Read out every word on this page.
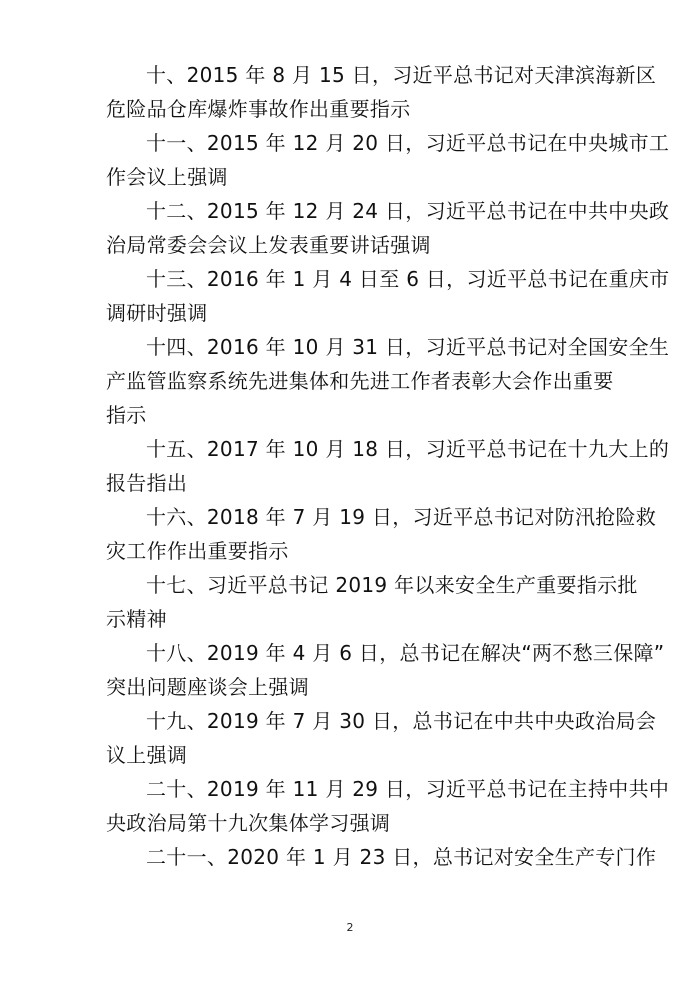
十、2015 年 8 月 15 日，习近平总书记对天津滨海新区

危险品仓库爆炸事故作出重要指示

十一、2015 年 12 月 20 日，习近平总书记在中央城市工

作会议上强调

十二、2015 年 12 月 24 日，习近平总书记在中共中央政

治局常委会会议上发表重要讲话强调

十三、2016 年 1 月 4 日至 6 日，习近平总书记在重庆市

调研时强调

十四、2016 年 10 月 31 日，习近平总书记对全国安全生

产监管监察系统先进集体和先进工作者表彰大会作出重要

指示

十五、2017 年 10 月 18 日，习近平总书记在十九大上的

报告指出

十六、2018 年 7 月 19 日，习近平总书记对防汛抢险救

灾工作作出重要指示

十七、习近平总书记 2019 年以来安全生产重要指示批

示精神

十八、2019 年 4 月 6 日，总书记在解决“两不愁三保障”

突出问题座谈会上强调

十九、2019 年 7 月 30 日，总书记在中共中央政治局会

议上强调

二十、2019 年 11 月 29 日，习近平总书记在主持中共中

央政治局第十九次集体学习强调

二十一、2020 年 1 月 23 日，总书记对安全生产专门作

2
